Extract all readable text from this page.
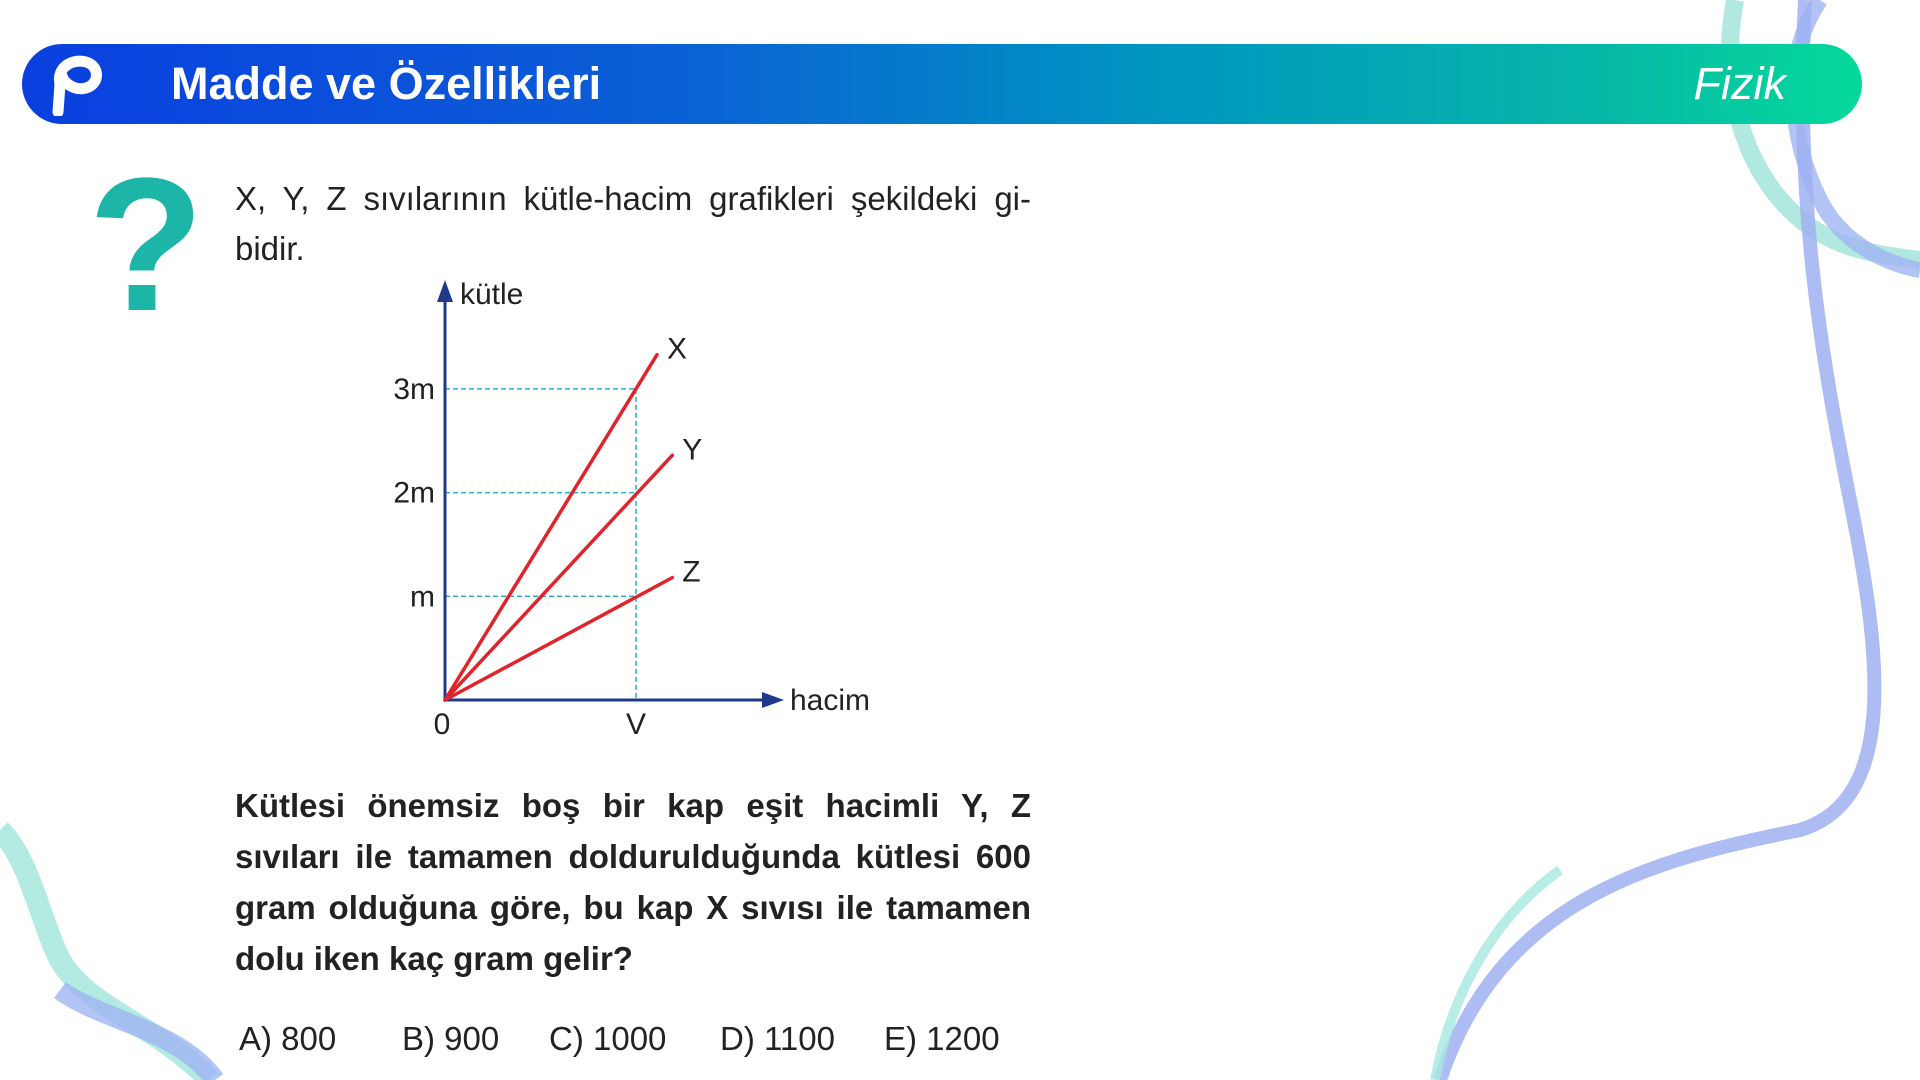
Madde ve Özellikleri	Fizik
? X, Y, Z sıvılarının kütle-hacim grafikleri şekildeki gi-bidir.
kütle
hacim
m
2m
3m
0	V
X
Y
Z
Kütlesi önemsiz boş bir kap eşit hacimli Y, Z sıvıları ile tamamen doldurulduğunda kütlesi 600 gram olduğuna göre, bu kap X sıvısı ile tamamen dolu iken kaç gram gelir?
A) 800 B) 900 C) 1000 D) 1100 E) 1200
